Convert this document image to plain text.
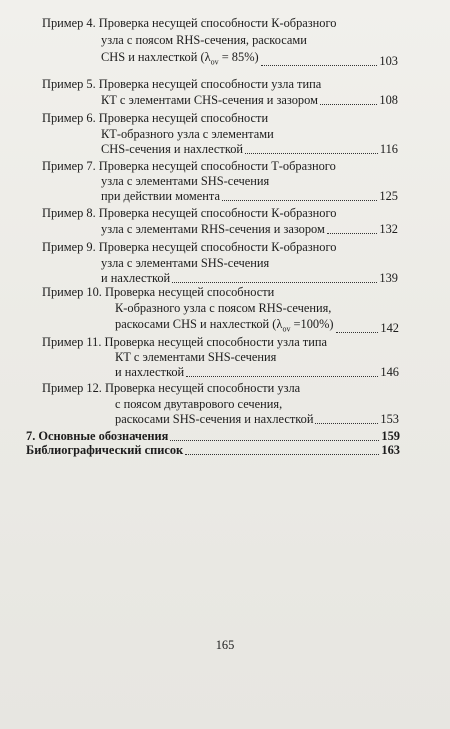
Пример 4. Проверка несущей способности К-образного
узла с поясом RHS-сечения, раскосами
CHS и нахлесткой $(\lambda_{ov} = 85\%)$	103
Пример 5. Проверка несущей способности узла типа
КТ с элементами CHS-сечения и зазором	108
Пример 6. Проверка несущей способности
КТ-образного узла с элементами
CHS-сечения и нахлесткой	116
Пример 7. Проверка несущей способности Т-образного
узла с элементами SHS-сечения
при действии момента	125
Пример 8. Проверка несущей способности К-образного
узла с элементами RHS-сечения и зазором	132
Пример 9. Проверка несущей способности К-образного
узла с элементами SHS-сечения
и нахлесткой	139
Пример 10. Проверка несущей способности
К-образного узла с поясом RHS-сечения,
раскосами CHS и нахлесткой $(\lambda_{ov} =100\%)$	142
Пример 11. Проверка несущей способности узла типа
КТ с элементами SHS-сечения
и нахлесткой	146
Пример 12. Проверка несущей способности узла
с поясом двутаврового сечения,
раскосами SHS-сечения и нахлесткой	153
7. Основные обозначения	159
Библиографический список	163
165
